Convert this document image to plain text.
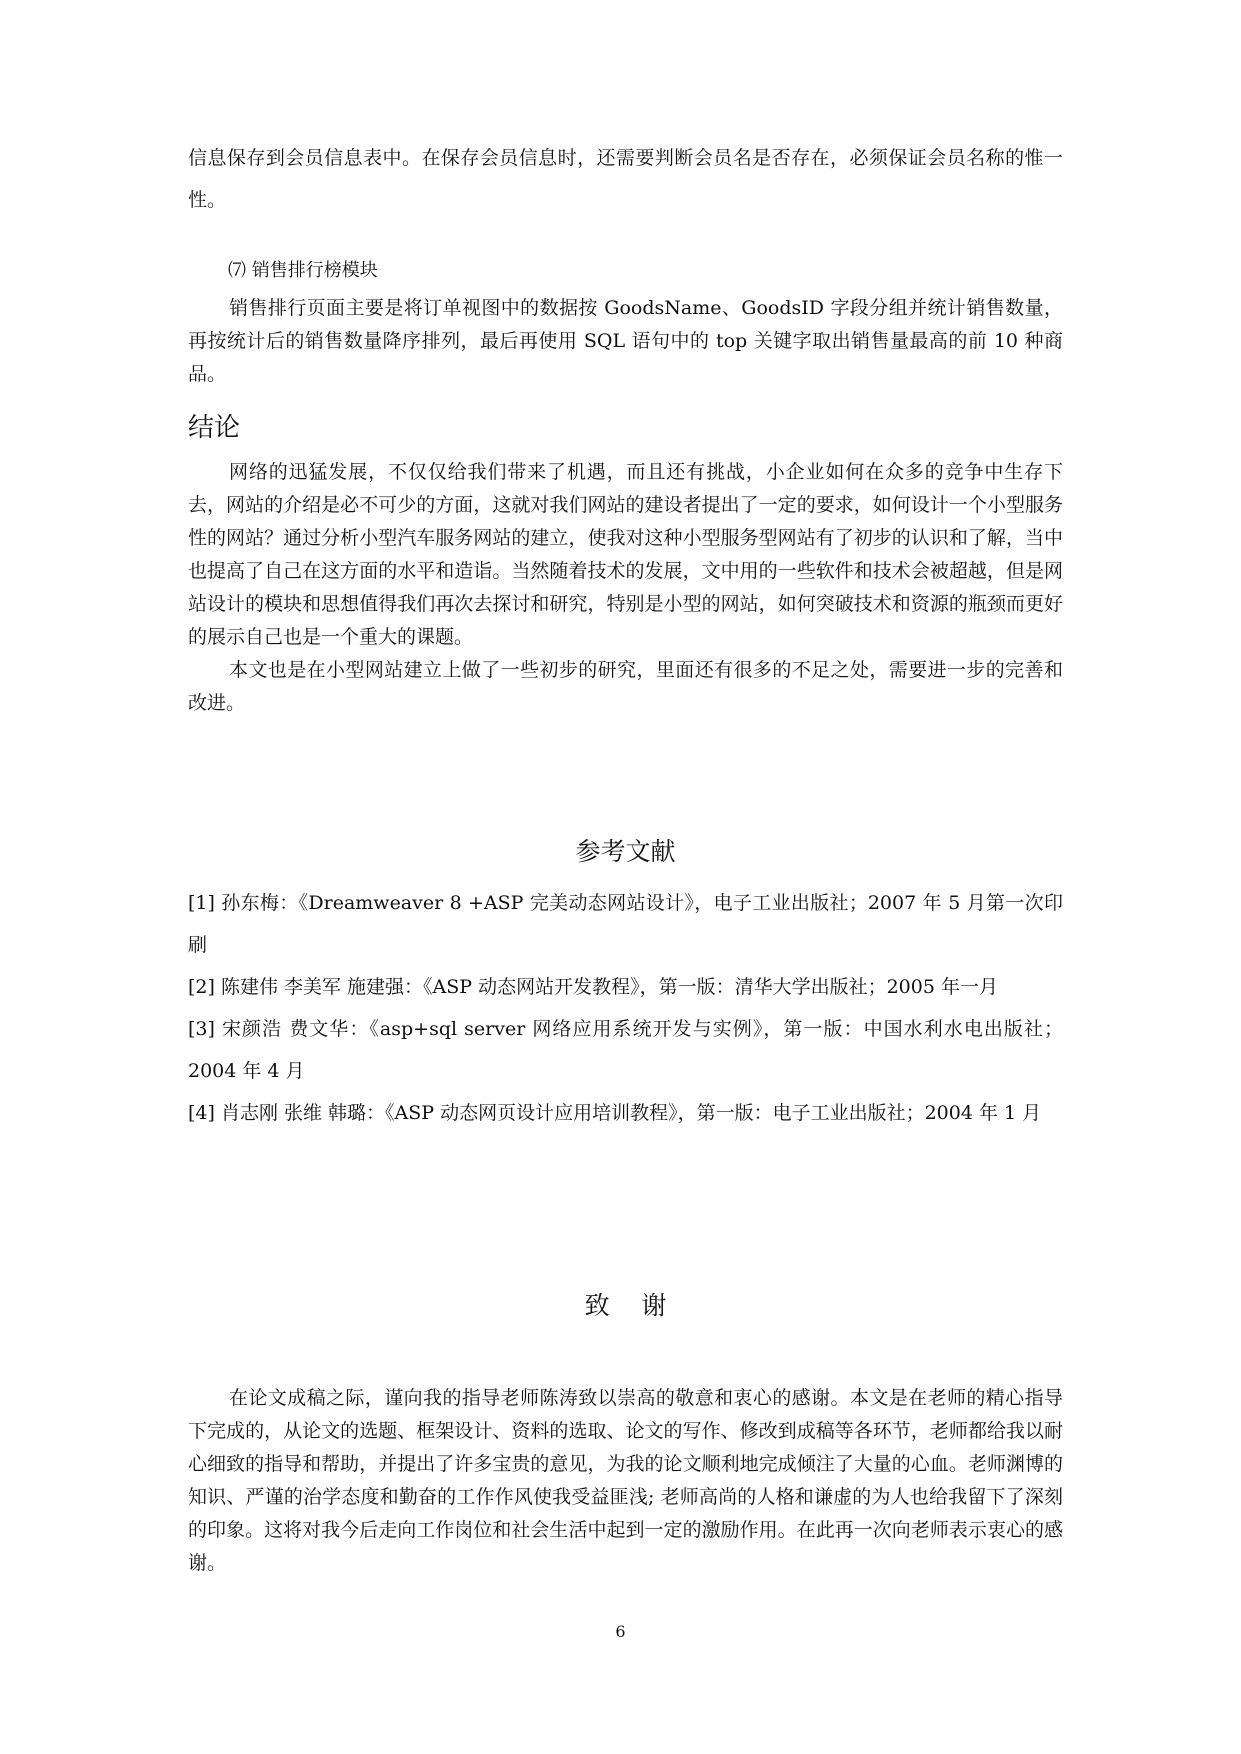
信息保存到会员信息表中。在保存会员信息时，还需要判断会员名是否存在，必须保证会员名称的惟一性。

⑺ 销售排行榜模块

销售排行页面主要是将订单视图中的数据按 GoodsName、GoodsID 字段分组并统计销售数量，再按统计后的销售数量降序排列，最后再使用 SQL 语句中的 top 关键字取出销售量最高的前 10 种商品。

结论

网络的迅猛发展，不仅仅给我们带来了机遇，而且还有挑战，小企业如何在众多的竞争中生存下去，网站的介绍是必不可少的方面，这就对我们网站的建设者提出了一定的要求，如何设计一个小型服务性的网站？通过分析小型汽车服务网站的建立，使我对这种小型服务型网站有了初步的认识和了解，当中也提高了自己在这方面的水平和造诣。当然随着技术的发展，文中用的一些软件和技术会被超越，但是网站设计的模块和思想值得我们再次去探讨和研究，特别是小型的网站，如何突破技术和资源的瓶颈而更好的展示自己也是一个重大的课题。

本文也是在小型网站建立上做了一些初步的研究，里面还有很多的不足之处，需要进一步的完善和改进。

参考文献

[1] 孙东梅：《Dreamweaver 8 +ASP 完美动态网站设计》，电子工业出版社；2007 年 5 月第一次印刷

[2] 陈建伟 李美军 施建强：《ASP 动态网站开发教程》，第一版：清华大学出版社；2005 年一月

[3] 宋颜浩 费文华：《asp+sql server 网络应用系统开发与实例》，第一版：中国水利水电出版社；2004 年 4 月

[4] 肖志刚 张维 韩璐：《ASP 动态网页设计应用培训教程》，第一版：电子工业出版社；2004 年 1 月

致    谢

在论文成稿之际，谨向我的指导老师陈涛致以崇高的敬意和衷心的感谢。本文是在老师的精心指导下完成的，从论文的选题、框架设计、资料的选取、论文的写作、修改到成稿等各环节，老师都给我以耐心细致的指导和帮助，并提出了许多宝贵的意见，为我的论文顺利地完成倾注了大量的心血。老师渊博的知识、严谨的治学态度和勤奋的工作作风使我受益匪浅; 老师高尚的人格和谦虚的为人也给我留下了深刻的印象。这将对我今后走向工作岗位和社会生活中起到一定的激励作用。在此再一次向老师表示衷心的感谢。

6
